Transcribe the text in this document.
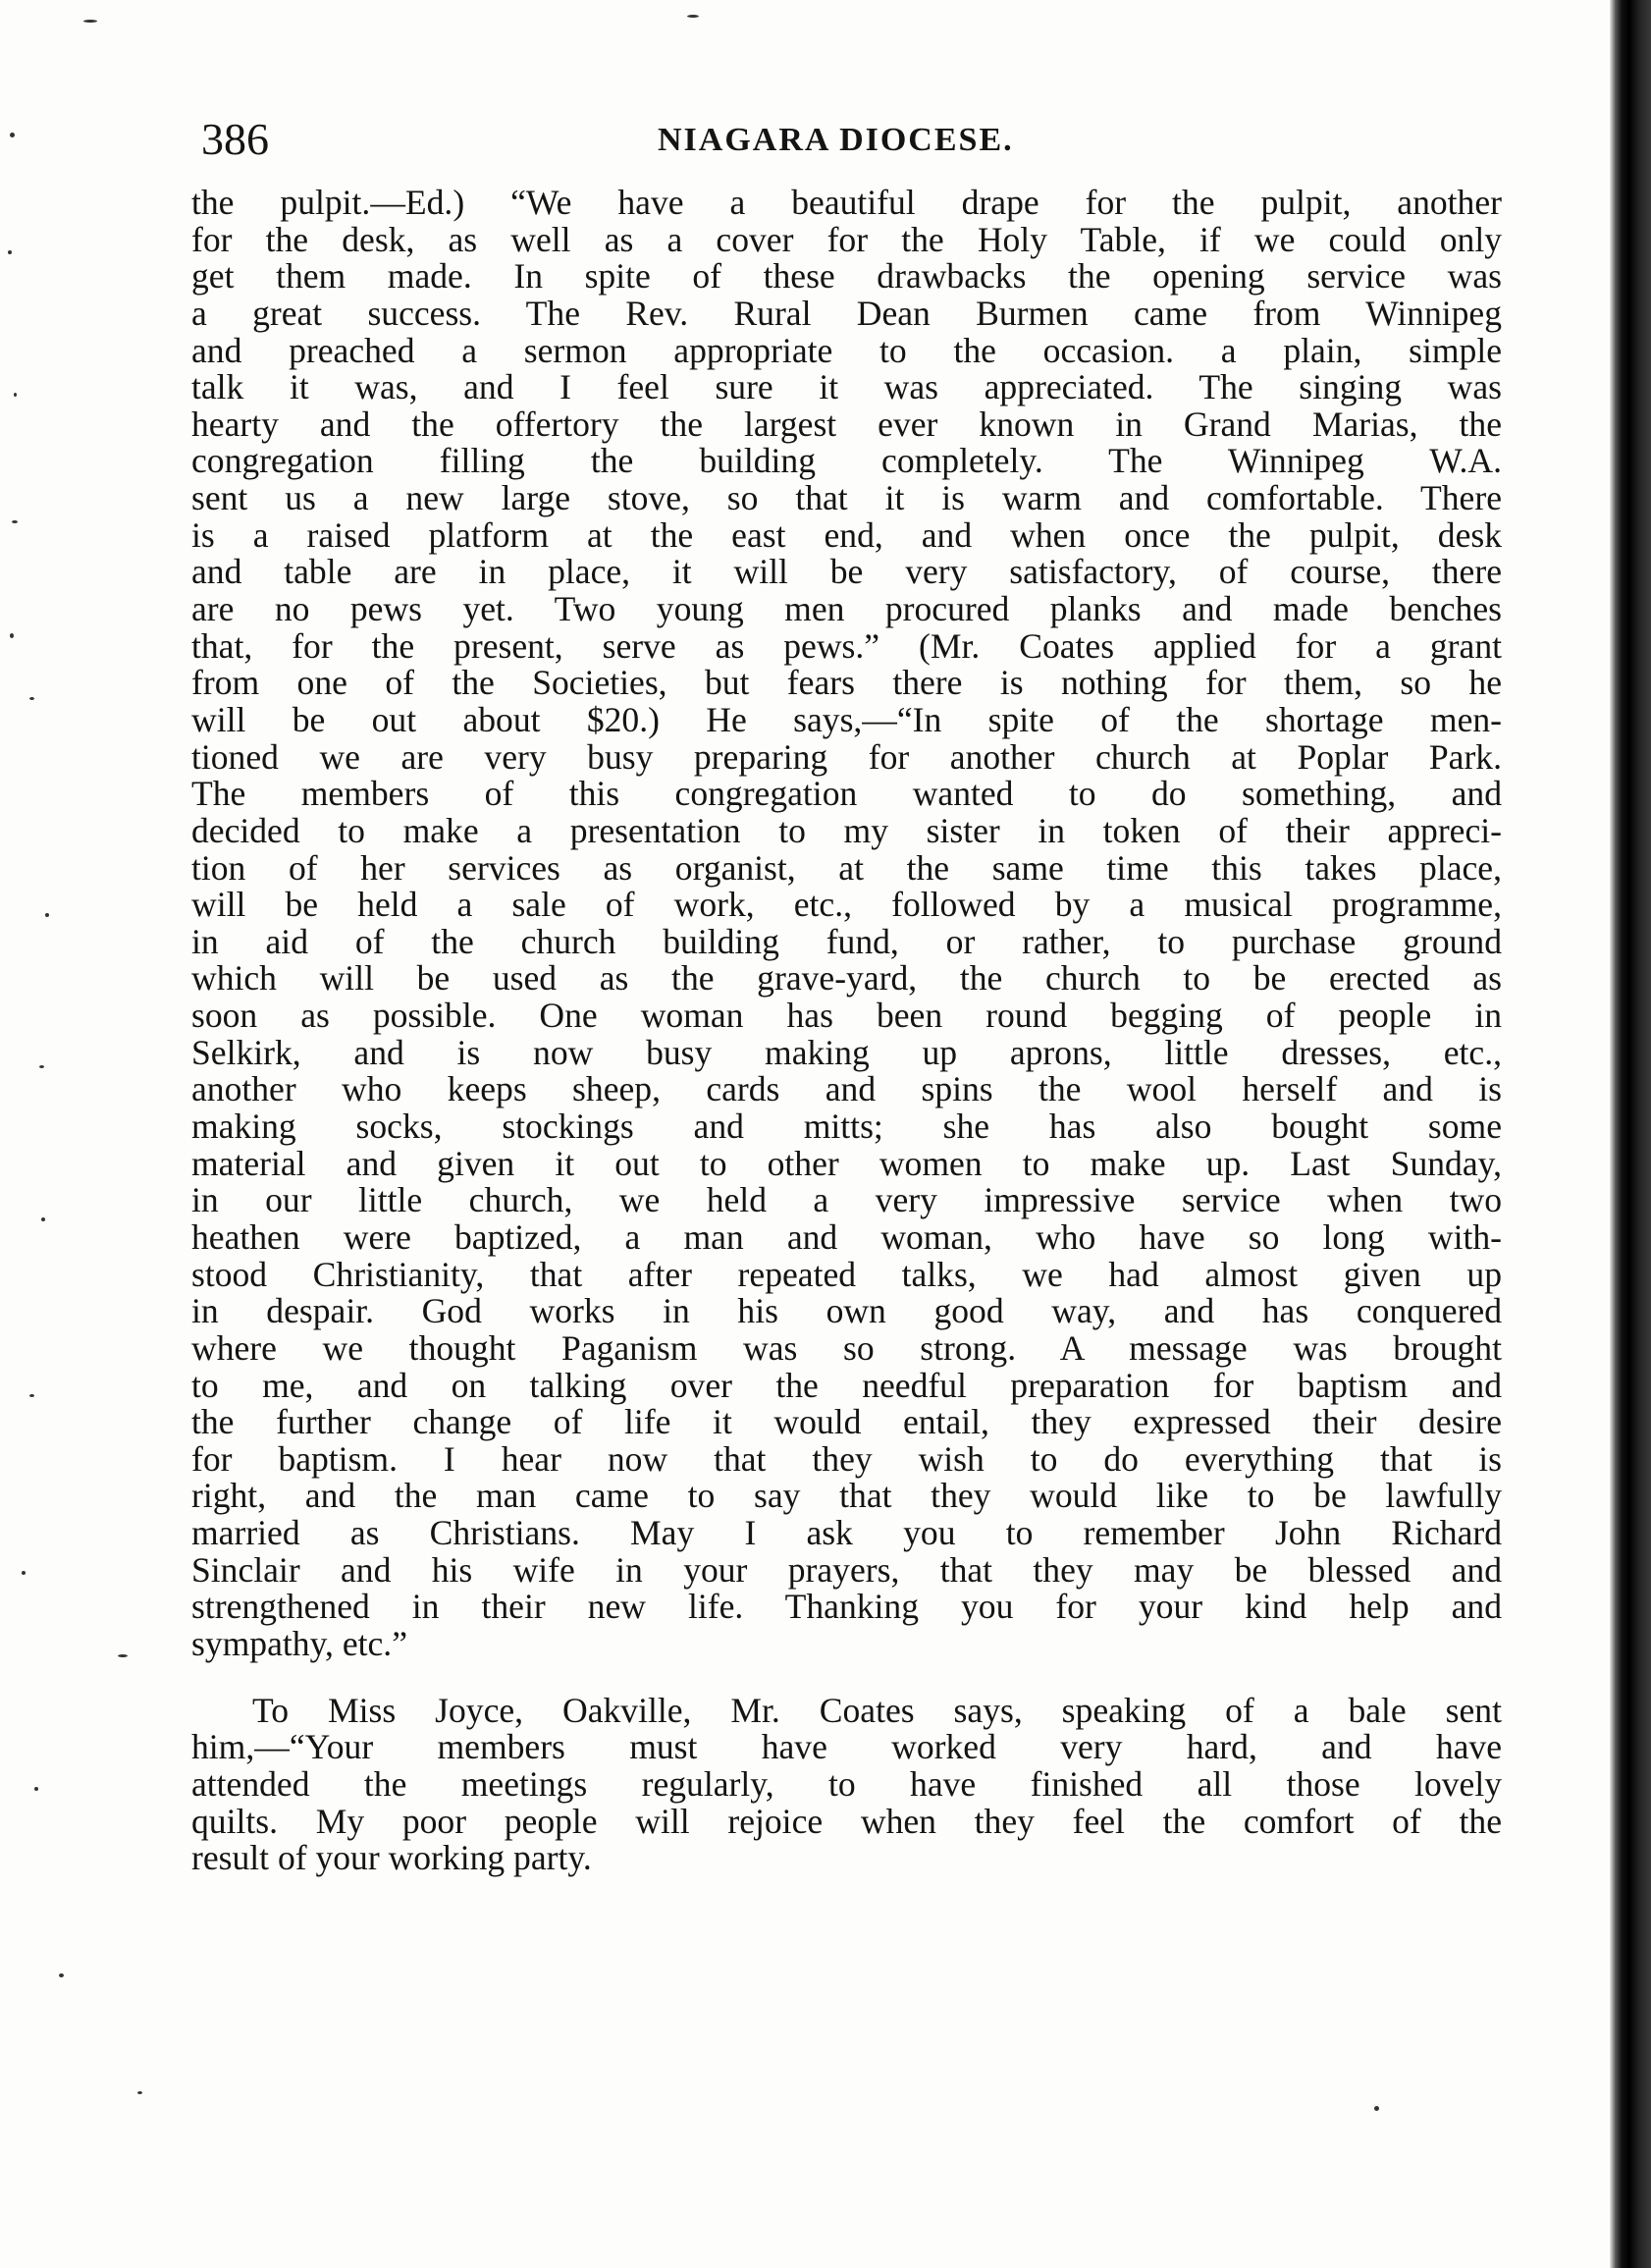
386	NIAGARA DIOCESE.
the pulpit.—Ed.) “We have a beautiful drape for the pulpit, another
for the desk, as well as a cover for the Holy Table, if we could only
get them made. In spite of these drawbacks the opening service was
a great success. The Rev. Rural Dean Burmen came from Winnipeg
and preached a sermon appropriate to the occasion. a plain, simple
talk it was, and I feel sure it was appreciated. The singing was
hearty and the offertory the largest ever known in Grand Marias, the
congregation filling the building completely. The Winnipeg W.A.
sent us a new large stove, so that it is warm and comfortable. There
is a raised platform at the east end, and when once the pulpit, desk
and table are in place, it will be very satisfactory, of course, there
are no pews yet. Two young men procured planks and made benches
that, for the present, serve as pews.” (Mr. Coates applied for a grant
from one of the Societies, but fears there is nothing for them, so he
will be out about $20.) He says,—“In spite of the shortage men-
tioned we are very busy preparing for another church at Poplar Park.
The members of this congregation wanted to do something, and
decided to make a presentation to my sister in token of their appreci-
tion of her services as organist, at the same time this takes place,
will be held a sale of work, etc., followed by a musical programme,
in aid of the church building fund, or rather, to purchase ground
which will be used as the grave-yard, the church to be erected as
soon as possible. One woman has been round begging of people in
Selkirk, and is now busy making up aprons, little dresses, etc.,
another who keeps sheep, cards and spins the wool herself and is
making socks, stockings and mitts; she has also bought some
material and given it out to other women to make up. Last Sunday,
in our little church, we held a very impressive service when two
heathen were baptized, a man and woman, who have so long with-
stood Christianity, that after repeated talks, we had almost given up
in despair. God works in his own good way, and has conquered
where we thought Paganism was so strong. A message was brought
to me, and on talking over the needful preparation for baptism and
the further change of life it would entail, they expressed their desire
for baptism. I hear now that they wish to do everything that is
right, and the man came to say that they would like to be lawfully
married as Christians. May I ask you to remember John Richard
Sinclair and his wife in your prayers, that they may be blessed and
strengthened in their new life. Thanking you for your kind help and
sympathy, etc.”
To Miss Joyce, Oakville, Mr. Coates says, speaking of a bale sent
him,—“Your members must have worked very hard, and have
attended the meetings regularly, to have finished all those lovely
quilts. My poor people will rejoice when they feel the comfort of the
result of your working party.
